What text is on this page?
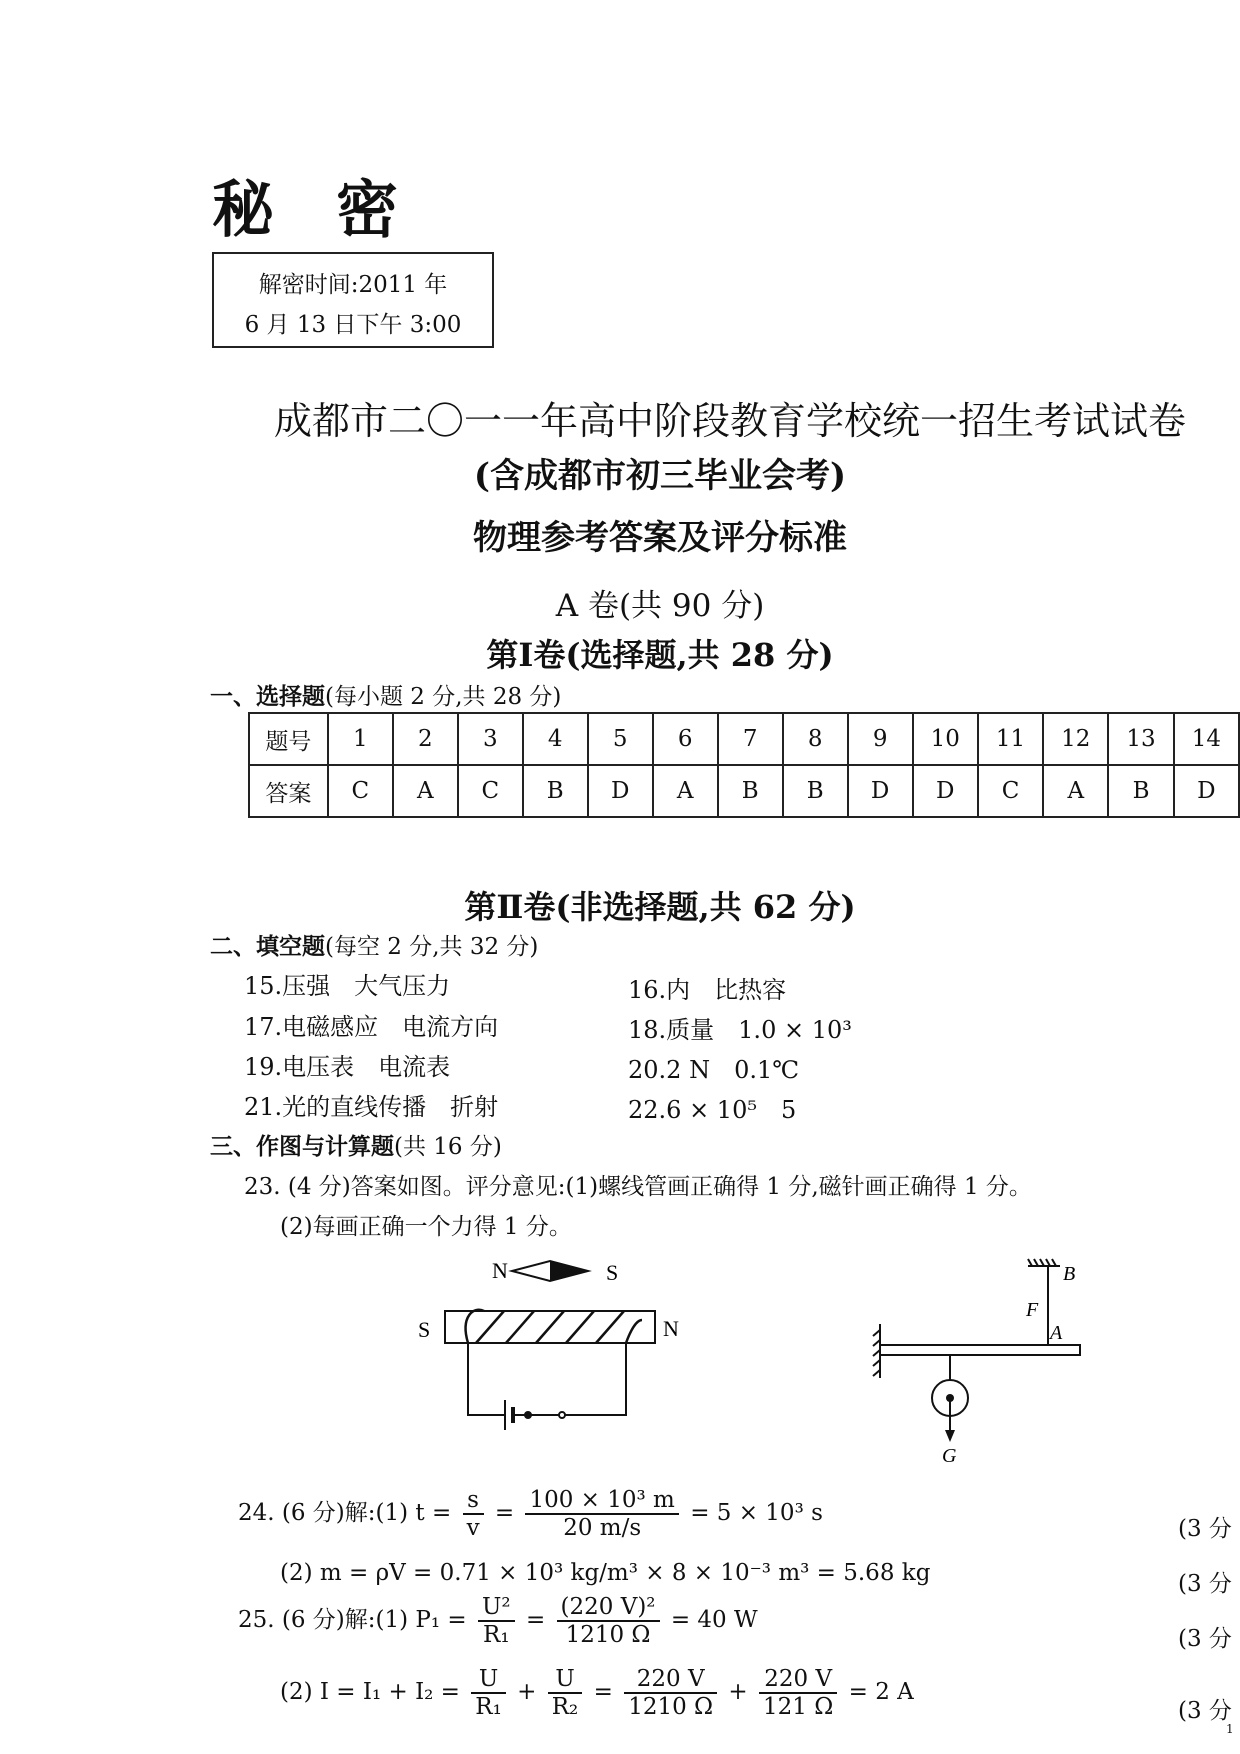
秘密
解密时间:2011 年
6 月 13 日下午 3:00
成都市二〇一一年高中阶段教育学校统一招生考试试卷
(含成都市初三毕业会考)
物理参考答案及评分标准
A 卷(共 90 分)
第Ⅰ卷(选择题,共 28 分)
一、选择题(每小题 2 分,共 28 分)
题号	1	2	3	4	5	6	7	8	9	10	11	12	13	14
答案	C	A	C	B	D	A	B	B	D	D	C	A	B	D
第Ⅱ卷(非选择题,共 62 分)
二、填空题(每空 2 分,共 32 分)
15.压强　大气压力	16.内　比热容
17.电磁感应　电流方向	18.质量　1.0 × 10³
19.电压表　电流表	20.2 N　0.1℃
21.光的直线传播　折射	22.6 × 10⁵　5
三、作图与计算题(共 16 分)
23. (4 分)答案如图。评分意见:(1)螺线管画正确得 1 分,磁针画正确得 1 分。
(2)每画正确一个力得 1 分。
N	S
S	N
B
F
A
G
24. (6 分)解:(1) $t = \frac{s}{v} = \frac{\text{100 × 10³ m}}{20 m/s} = 5 \times 10^3$ s
(3 分
(2) m = ρV = 0.71 × 10³ kg/m³ × 8 × 10⁻³ m³ = 5.68 kg	(3 分
25. (6 分)解:(1) $P_1 = \frac{\text{U²}}{\text{R₁}} = \frac{\text{(220 V)²}}{1210 \Omega} = 40$ W
(3 分
(2) $I = I_1 + I_2 = \frac{U}{\text{R₁}} + \frac{U}{\text{R₂}} = \frac{220 V}{1210 \Omega} + \frac{220 V}{121 \Omega} = 2$ A
(3 分
1
